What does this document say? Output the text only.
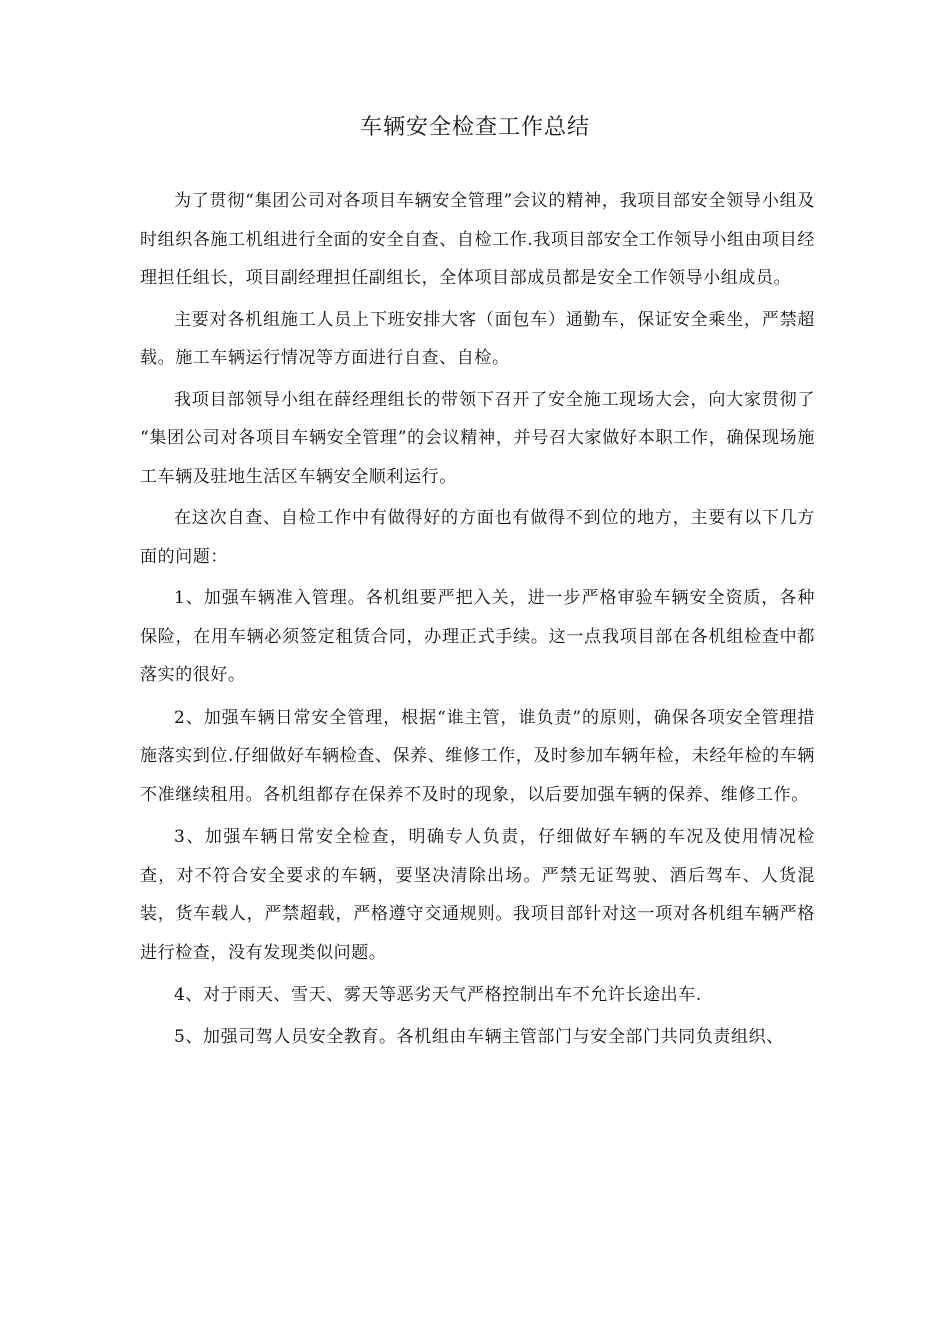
车辆安全检查工作总结

为了贯彻“集团公司对各项目车辆安全管理”会议的精神，我项目部安全领导小组及时组织各施工机组进行全面的安全自查、自检工作.我项目部安全工作领导小组由项目经理担任组长，项目副经理担任副组长，全体项目部成员都是安全工作领导小组成员。

主要对各机组施工人员上下班安排大客（面包车）通勤车，保证安全乘坐，严禁超载。施工车辆运行情况等方面进行自查、自检。

我项目部领导小组在薛经理组长的带领下召开了安全施工现场大会，向大家贯彻了 “集团公司对各项目车辆安全管理”的会议精神，并号召大家做好本职工作，确保现场施工车辆及驻地生活区车辆安全顺利运行。

在这次自查、自检工作中有做得好的方面也有做得不到位的地方，主要有以下几方面的问题：

1、加强车辆准入管理。各机组要严把入关，进一步严格审验车辆安全资质，各种保险，在用车辆必须签定租赁合同，办理正式手续。这一点我项目部在各机组检查中都落实的很好。

2、加强车辆日常安全管理，根据“谁主管，谁负责”的原则，确保各项安全管理措施落实到位.仔细做好车辆检查、保养、维修工作，及时参加车辆年检，未经年检的车辆不准继续租用。各机组都存在保养不及时的现象，以后要加强车辆的保养、维修工作。

3、加强车辆日常安全检查，明确专人负责，仔细做好车辆的车况及使用情况检查，对不符合安全要求的车辆，要坚决清除出场。严禁无证驾驶、酒后驾车、人货混装，货车载人，严禁超载，严格遵守交通规则。我项目部针对这一项对各机组车辆严格进行检查，没有发现类似问题。

4、对于雨天、雪天、雾天等恶劣天气严格控制出车不允许长途出车.

5、加强司驾人员安全教育。各机组由车辆主管部门与安全部门共同负责组织、
